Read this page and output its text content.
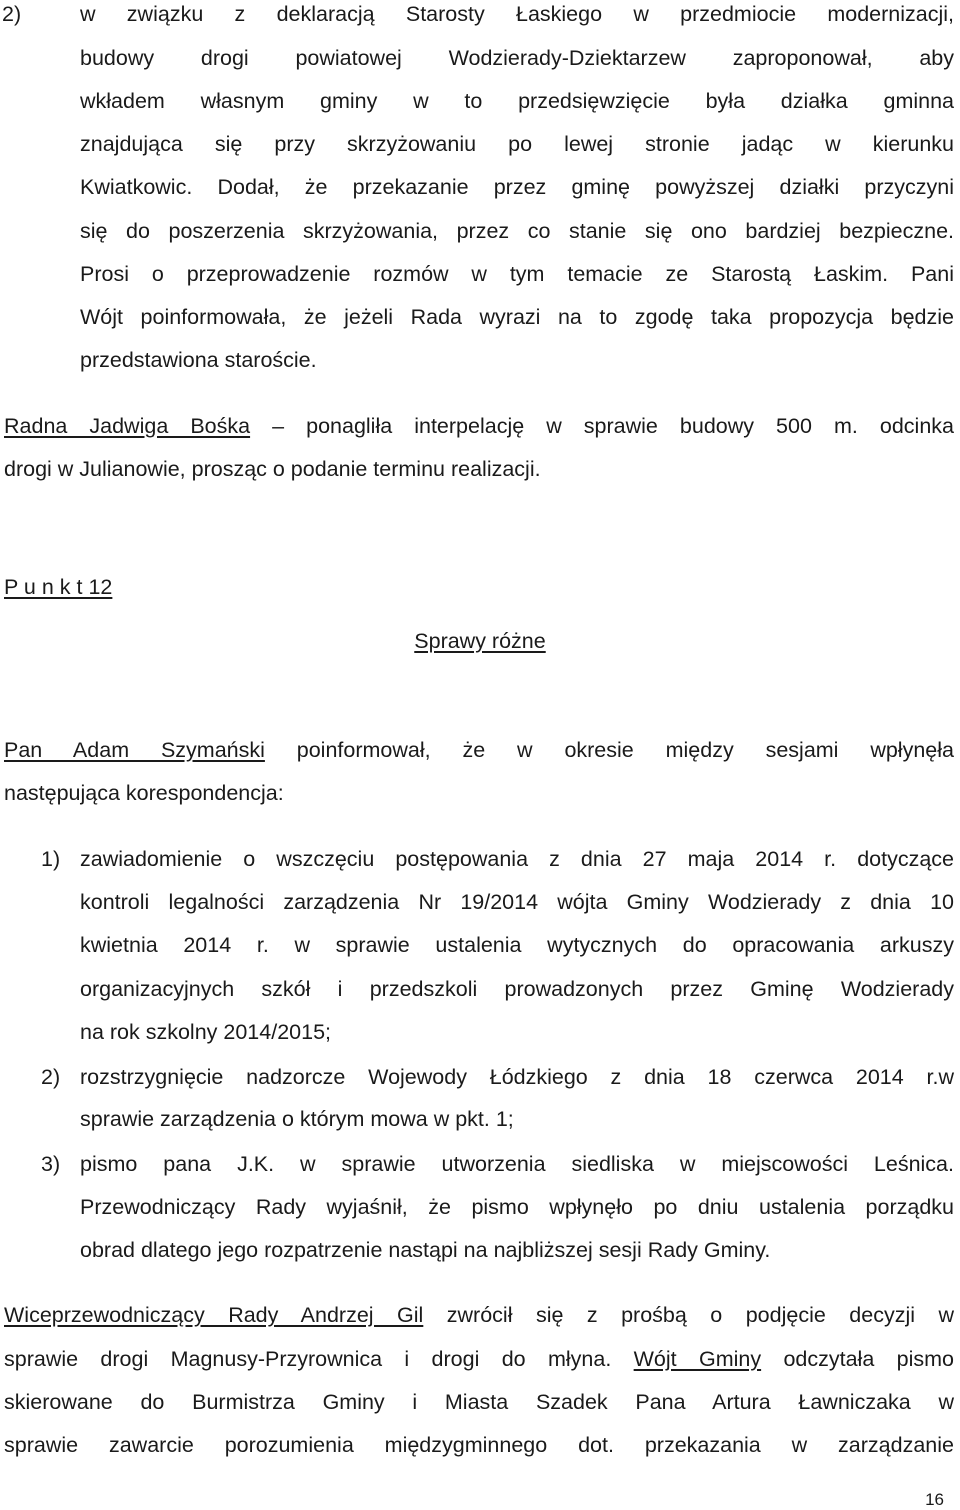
2)	w związku z deklaracją Starosty Łaskiego w przedmiocie modernizacji,

budowy drogi powiatowej Wodzierady-Dziektarzew zaproponował, aby

wkładem własnym gminy w to przedsięwzięcie była działka gminna

znajdująca się przy skrzyżowaniu po lewej stronie jadąc w kierunku

Kwiatkowic. Dodał, że przekazanie przez gminę powyższej działki przyczyni

się do poszerzenia skrzyżowania, przez co stanie się ono bardziej bezpieczne.

Prosi o przeprowadzenie rozmów w tym temacie ze Starostą Łaskim. Pani

Wójt poinformowała, że jeżeli Rada wyrazi na to zgodę taka propozycja będzie

przedstawiona staroście.

Radna Jadwiga Bośka – ponagliła interpelację w sprawie budowy 500 m. odcinka

drogi w Julianowie, prosząc o podanie terminu realizacji.

P u n k t 12

Sprawy różne

Pan Adam Szymański poinformował, że w okresie między sesjami wpłynęła

następująca korespondencja:

1) zawiadomienie o wszczęciu postępowania z dnia 27 maja 2014 r. dotyczące

kontroli legalności zarządzenia Nr 19/2014 wójta Gminy Wodzierady z dnia 10

kwietnia 2014 r. w sprawie ustalenia wytycznych do opracowania arkuszy

organizacyjnych szkół i przedszkoli prowadzonych przez Gminę Wodzierady

na rok szkolny 2014/2015;

2) rozstrzygnięcie nadzorcze Wojewody Łódzkiego z dnia 18 czerwca 2014 r.w

sprawie zarządzenia o którym mowa w pkt. 1;

3) pismo pana J.K. w sprawie utworzenia siedliska w miejscowości Leśnica.

Przewodniczący Rady wyjaśnił, że pismo wpłynęło po dniu ustalenia porządku

obrad dlatego jego rozpatrzenie nastąpi na najbliższej sesji Rady Gminy.

Wiceprzewodniczący Rady Andrzej Gil zwrócił się z prośbą o podjęcie decyzji w

sprawie drogi Magnusy-Przyrownica i drogi do młyna. Wójt Gminy odczytała pismo

skierowane do Burmistrza Gminy i Miasta Szadek Pana Artura Ławniczaka w

sprawie zawarcie porozumienia międzygminnego dot. przekazania w zarządzanie

16
